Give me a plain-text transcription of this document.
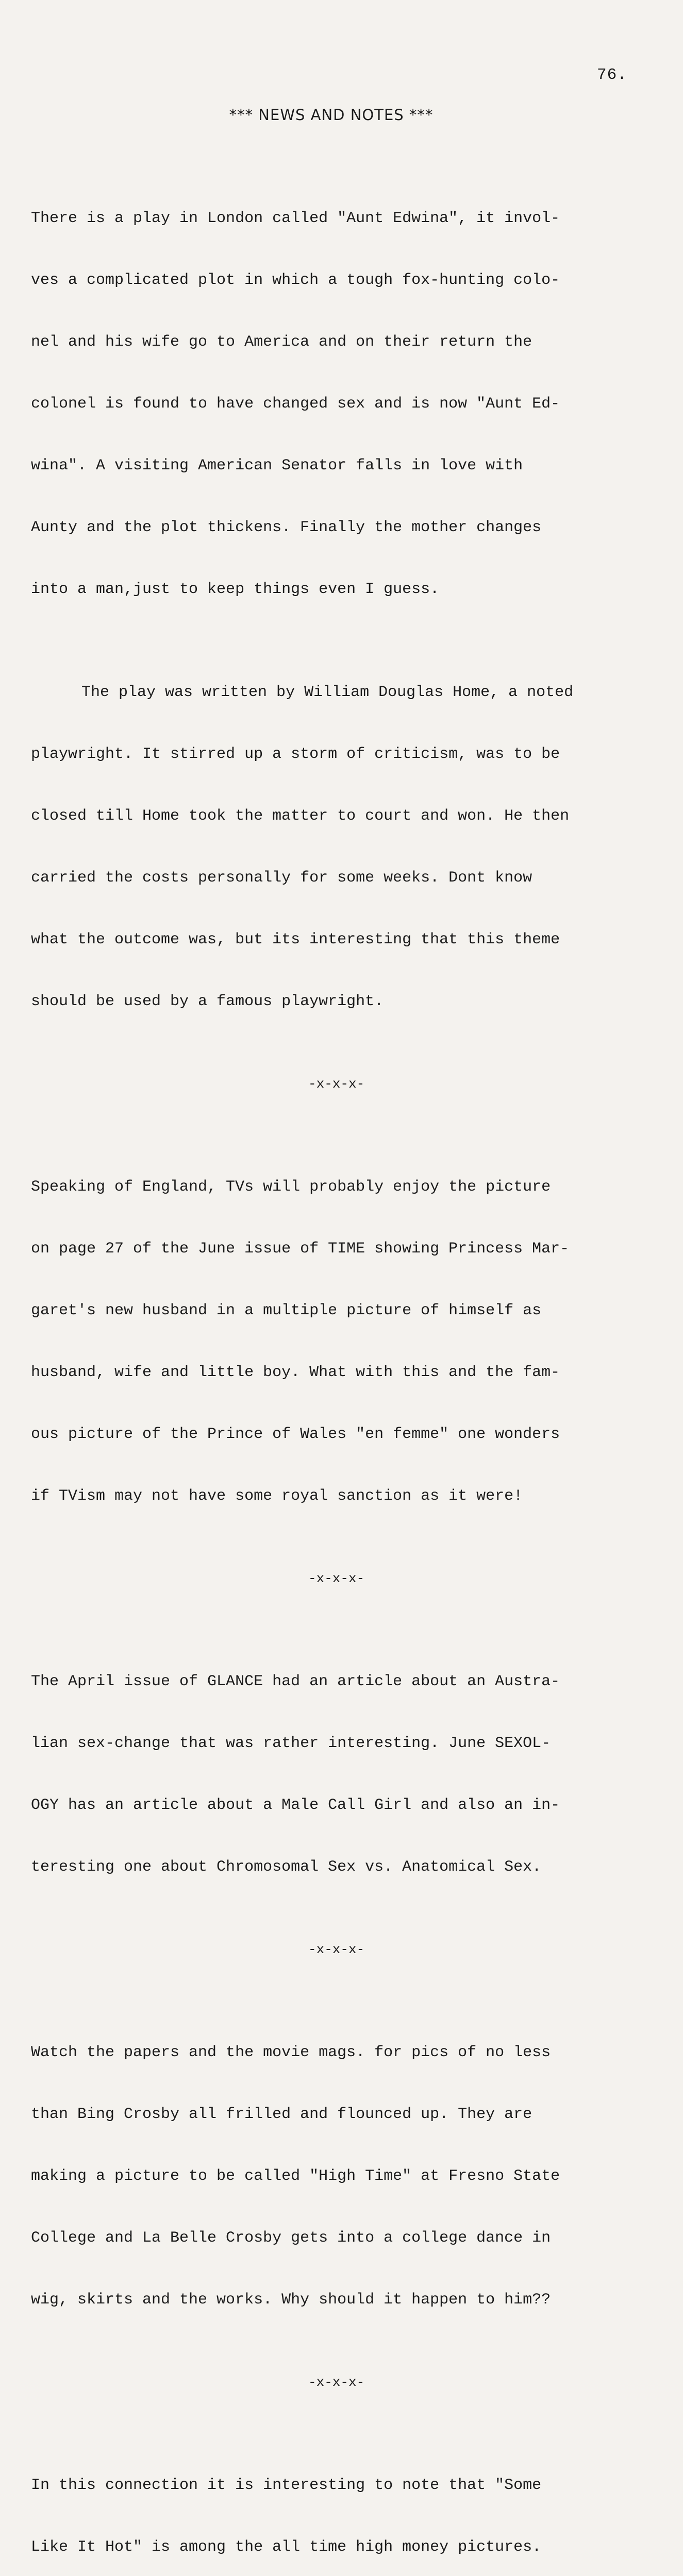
76.
*** NEWS AND NOTES ***

There is a play in London called "Aunt Edwina", it invol-

ves a complicated plot in which a tough fox-hunting colo-

nel and his wife go to America and on their return the

colonel is found to have changed sex and is now "Aunt Ed-

wina". A visiting American Senator falls in love with

Aunty and the plot thickens. Finally the mother changes

into a man,just to keep things even I guess.

The play was written by William Douglas Home, a noted

playwright. It stirred up a storm of criticism, was to be

closed till Home took the matter to court and won. He then

carried the costs personally for some weeks. Dont know

what the outcome was, but its interesting that this theme

should be used by a famous playwright.

-x-x-x-

Speaking of England, TVs will probably enjoy the picture

on page 27 of the June issue of TIME showing Princess Mar-

garet's new husband in a multiple picture of himself as

husband, wife and little boy. What with this and the fam-

ous picture of the Prince of Wales "en femme" one wonders

if TVism may not have some royal sanction as it were!

-x-x-x-

The April issue of GLANCE had an article about an Austra-

lian sex-change that was rather interesting. June SEXOL-

OGY has an article about a Male Call Girl and also an in-

teresting one about Chromosomal Sex vs. Anatomical Sex.

-x-x-x-

Watch the papers and the movie mags. for pics of no less

than Bing Crosby all frilled and flounced up. They are

making a picture to be called "High Time" at Fresno State

College and La Belle Crosby gets into a college dance in

wig, skirts and the works. Why should it happen to him??

-x-x-x-

In this connection it is interesting to note that "Some

Like It Hot" is among the all time high money pictures.
